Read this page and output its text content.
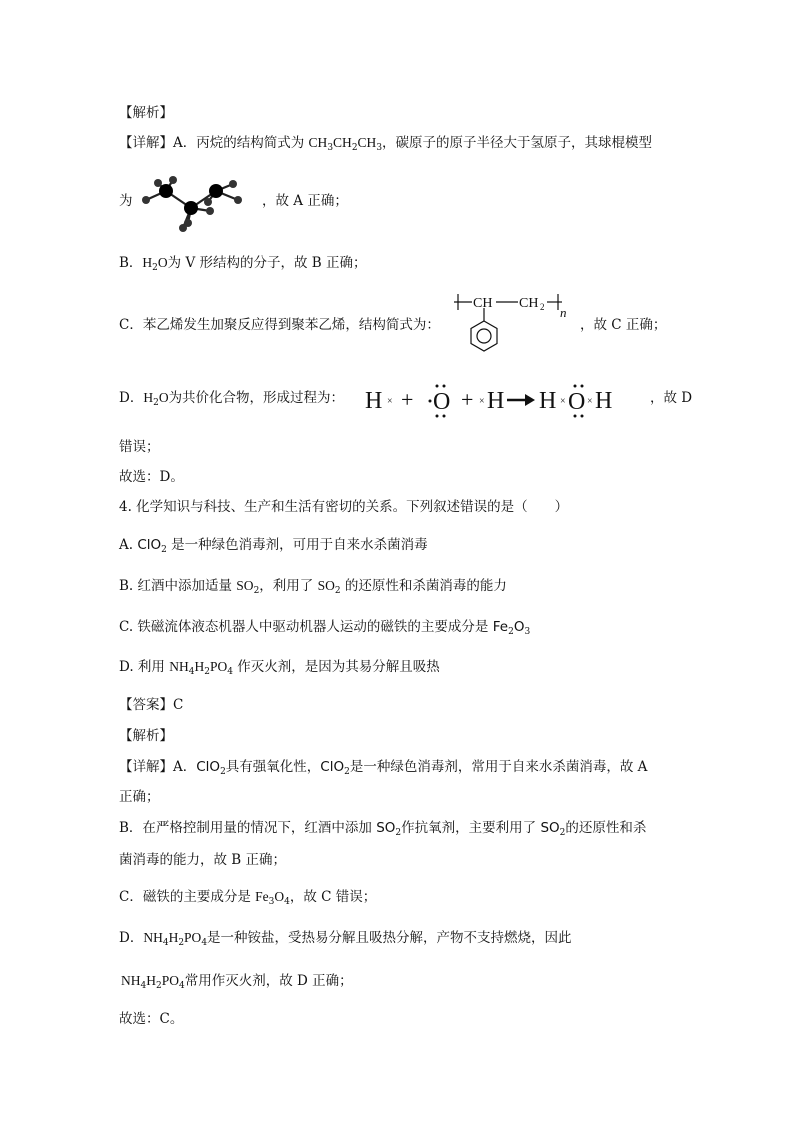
【解析】
【详解】A．丙烷的结构简式为 $CH_3CH_2CH_3$，碳原子的原子半径大于氢原子，其球棍模型
为	，故 A 正确；
B．$H_2O$为 V 形结构的分子，故 B 正确；
C．苯乙烯发生加聚反应得到聚苯乙烯，结构简式为：
CH CH 2 n
，故 C 正确；
D．$H_2O$为共价化合物，形成过程为： H × + O + × H H × O × H	，故 D
错误；
故选：D。
4. 化学知识与科技、生产和生活有密切的关系。下列叙述错误的是（　　）
A. ClO$_2$ 是一种绿色消毒剂，可用于自来水杀菌消毒
B. 红酒中添加适量 $SO_2$，利用了 $SO_2$ 的还原性和杀菌消毒的能力
C. 铁磁流体液态机器人中驱动机器人运动的磁铁的主要成分是 $Fe_2O_3$
D. 利用 $NH_4H_2PO_4$ 作灭火剂，是因为其易分解且吸热
【答案】C
【解析】
【详解】A．ClO$_2$具有强氧化性，ClO$_2$是一种绿色消毒剂，常用于自来水杀菌消毒，故 A
正确；
B．在严格控制用量的情况下，红酒中添加 $SO_2$作抗氧剂，主要利用了 $SO_2$的还原性和杀
菌消毒的能力，故 B 正确；
C．磁铁的主要成分是 $Fe_3O_4$，故 C 错误；
D．$NH_4H_2PO_4$是一种铵盐，受热易分解且吸热分解，产物不支持燃烧，因此
$NH_4H_2PO_4$常用作灭火剂，故 D 正确；
故选：C。
